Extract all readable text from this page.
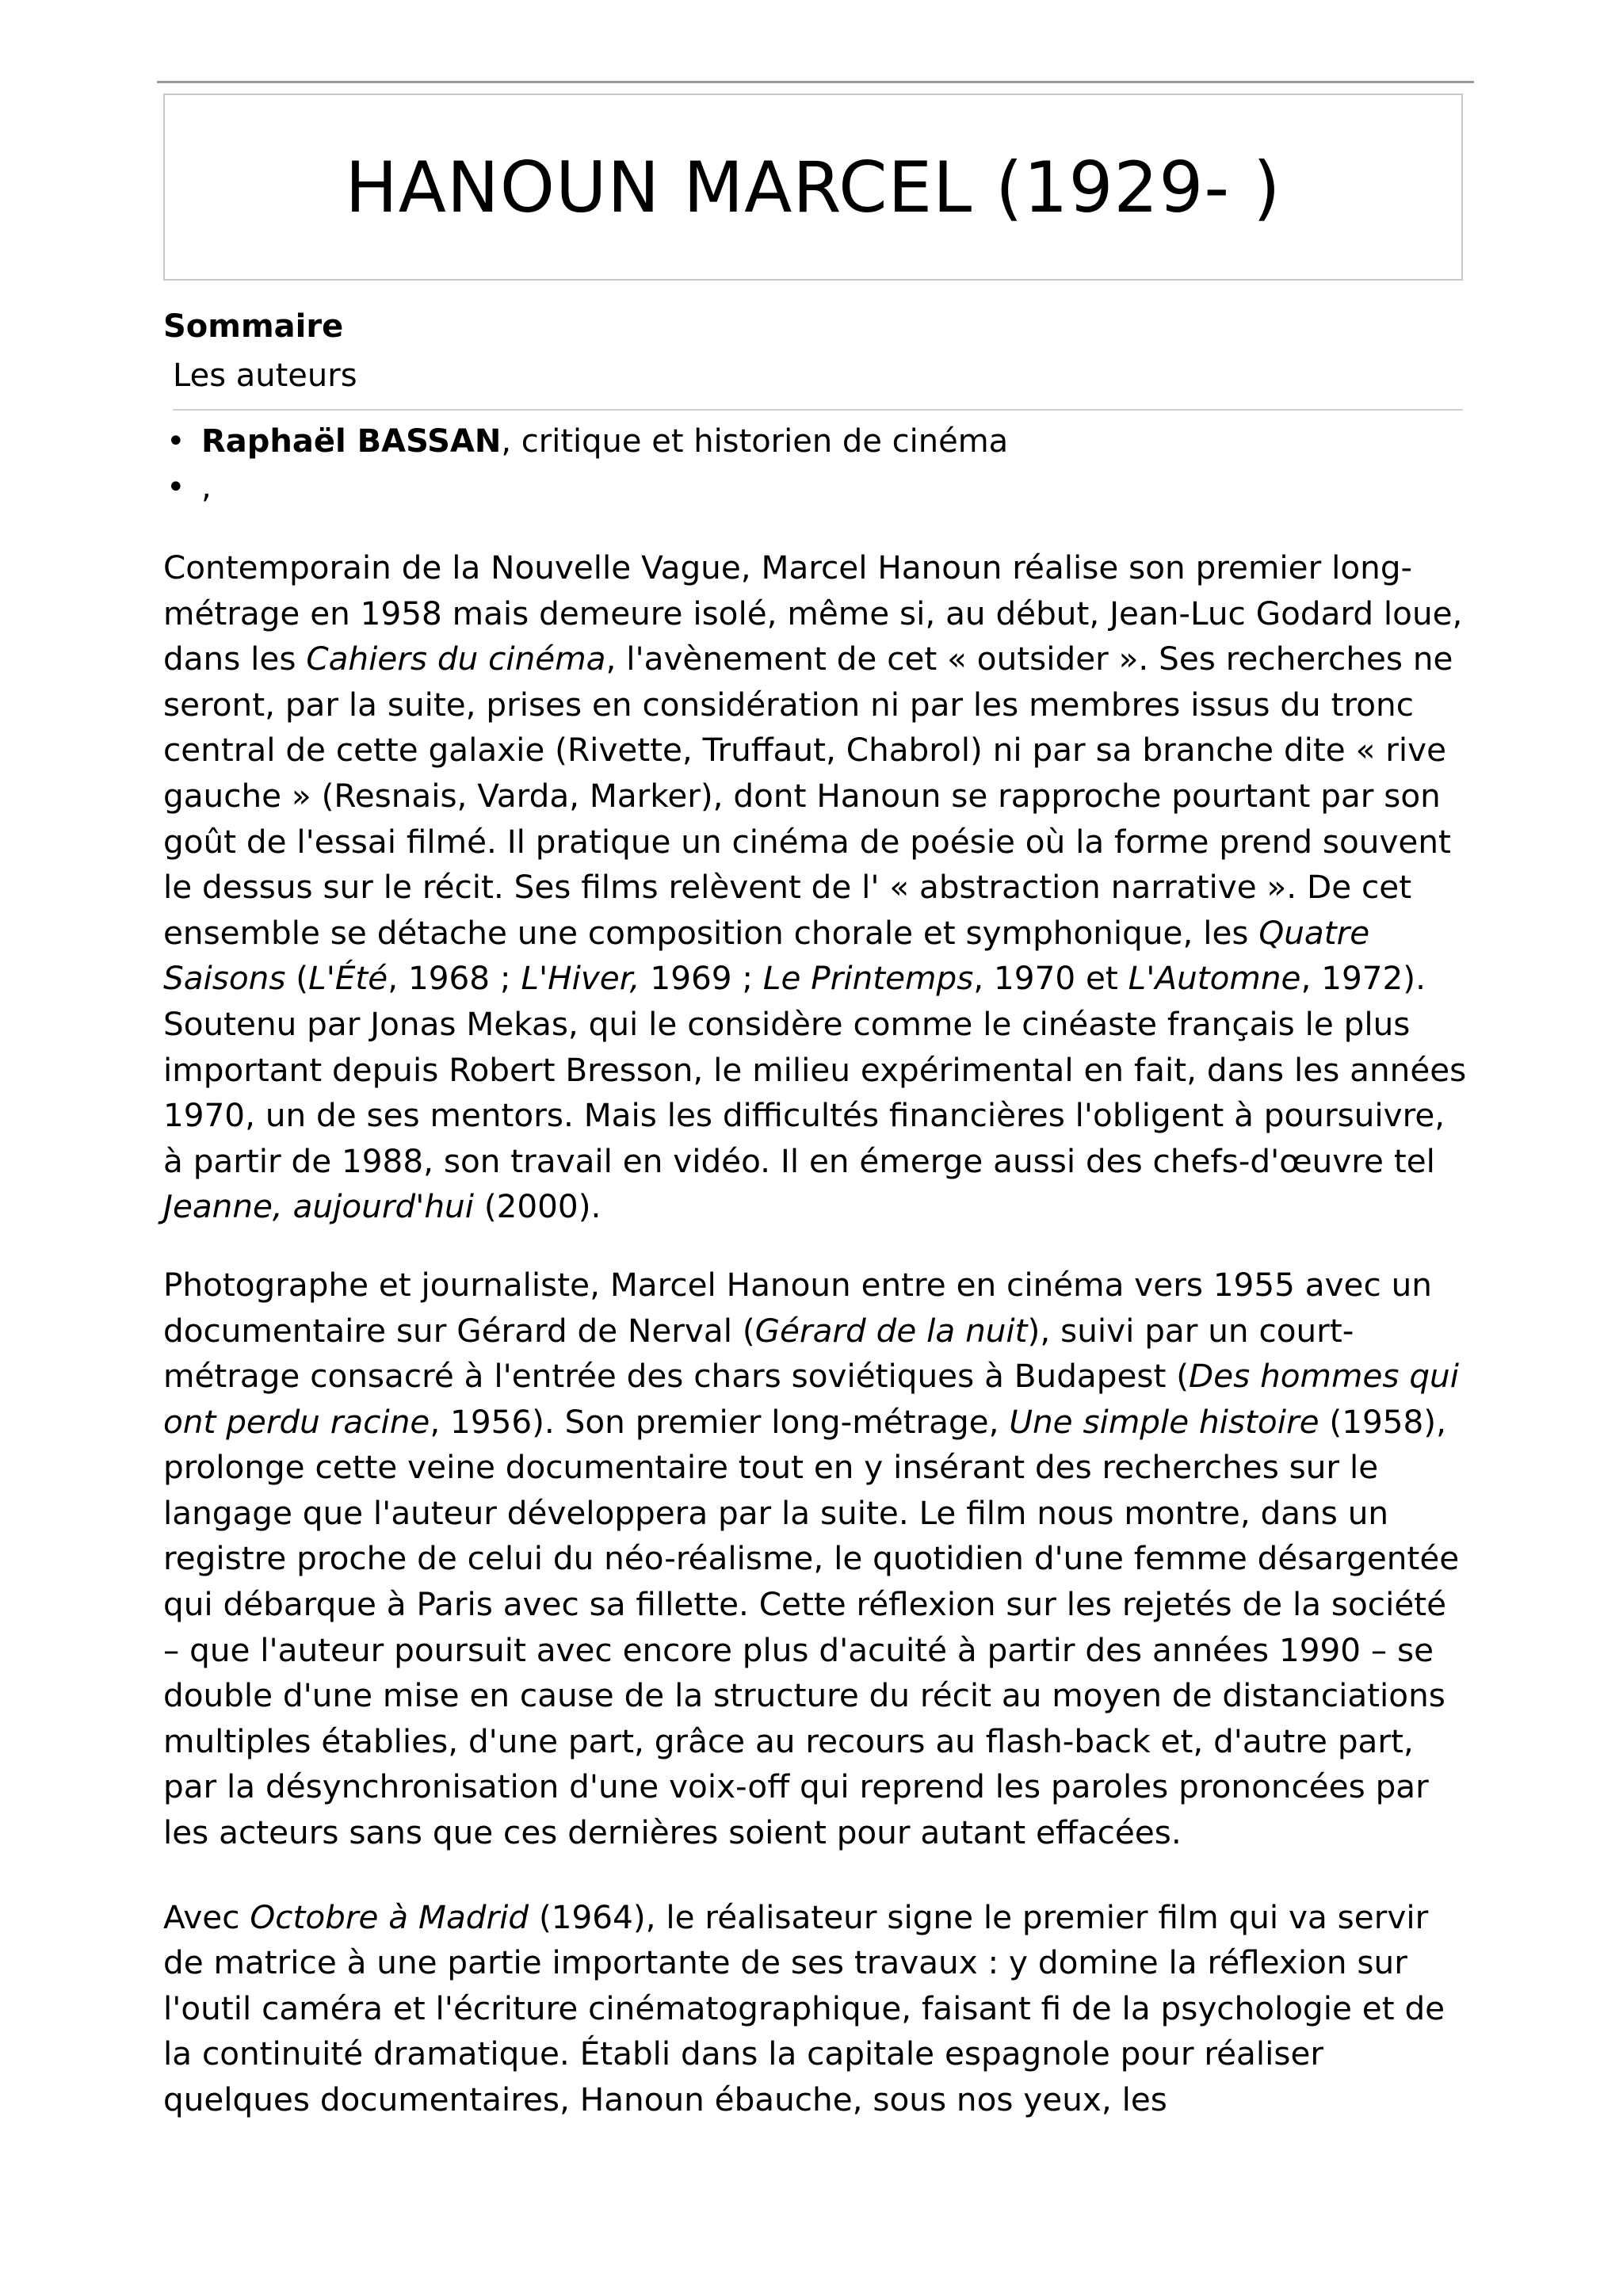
HANOUN MARCEL (1929- )
Sommaire
Les auteurs
• Raphaël BASSAN, critique et historien de cinéma
• ,

Contemporain de la Nouvelle Vague, Marcel Hanoun réalise son premier long-métrage en 1958 mais demeure isolé, même si, au début, Jean-Luc Godard loue, dans les Cahiers du cinéma, l'avènement de cet « outsider ». Ses recherches ne seront, par la suite, prises en considération ni par les membres issus du tronc central de cette galaxie (Rivette, Truffaut, Chabrol) ni par sa branche dite « rive gauche » (Resnais, Varda, Marker), dont Hanoun se rapproche pourtant par son goût de l'essai filmé. Il pratique un cinéma de poésie où la forme prend souvent le dessus sur le récit. Ses films relèvent de l' « abstraction narrative ». De cet ensemble se détache une composition chorale et symphonique, les Quatre Saisons (L'Été, 1968 ; L'Hiver, 1969 ; Le Printemps, 1970 et L'Automne, 1972). Soutenu par Jonas Mekas, qui le considère comme le cinéaste français le plus important depuis Robert Bresson, le milieu expérimental en fait, dans les années 1970, un de ses mentors. Mais les difficultés financières l'obligent à poursuivre, à partir de 1988, son travail en vidéo. Il en émerge aussi des chefs-d'œuvre tel Jeanne, aujourd'hui (2000).

Photographe et journaliste, Marcel Hanoun entre en cinéma vers 1955 avec un documentaire sur Gérard de Nerval (Gérard de la nuit), suivi par un court-métrage consacré à l'entrée des chars soviétiques à Budapest (Des hommes qui ont perdu racine, 1956). Son premier long-métrage, Une simple histoire (1958), prolonge cette veine documentaire tout en y insérant des recherches sur le langage que l'auteur développera par la suite. Le film nous montre, dans un registre proche de celui du néo-réalisme, le quotidien d'une femme désargentée qui débarque à Paris avec sa fillette. Cette réflexion sur les rejetés de la société – que l'auteur poursuit avec encore plus d'acuité à partir des années 1990 – se double d'une mise en cause de la structure du récit au moyen de distanciations multiples établies, d'une part, grâce au recours au flash-back et, d'autre part, par la désynchronisation d'une voix-off qui reprend les paroles prononcées par les acteurs sans que ces dernières soient pour autant effacées.

Avec Octobre à Madrid (1964), le réalisateur signe le premier film qui va servir de matrice à une partie importante de ses travaux : y domine la réflexion sur l'outil caméra et l'écriture cinématographique, faisant fi de la psychologie et de la continuité dramatique. Établi dans la capitale espagnole pour réaliser quelques documentaires, Hanoun ébauche, sous nos yeux, les
